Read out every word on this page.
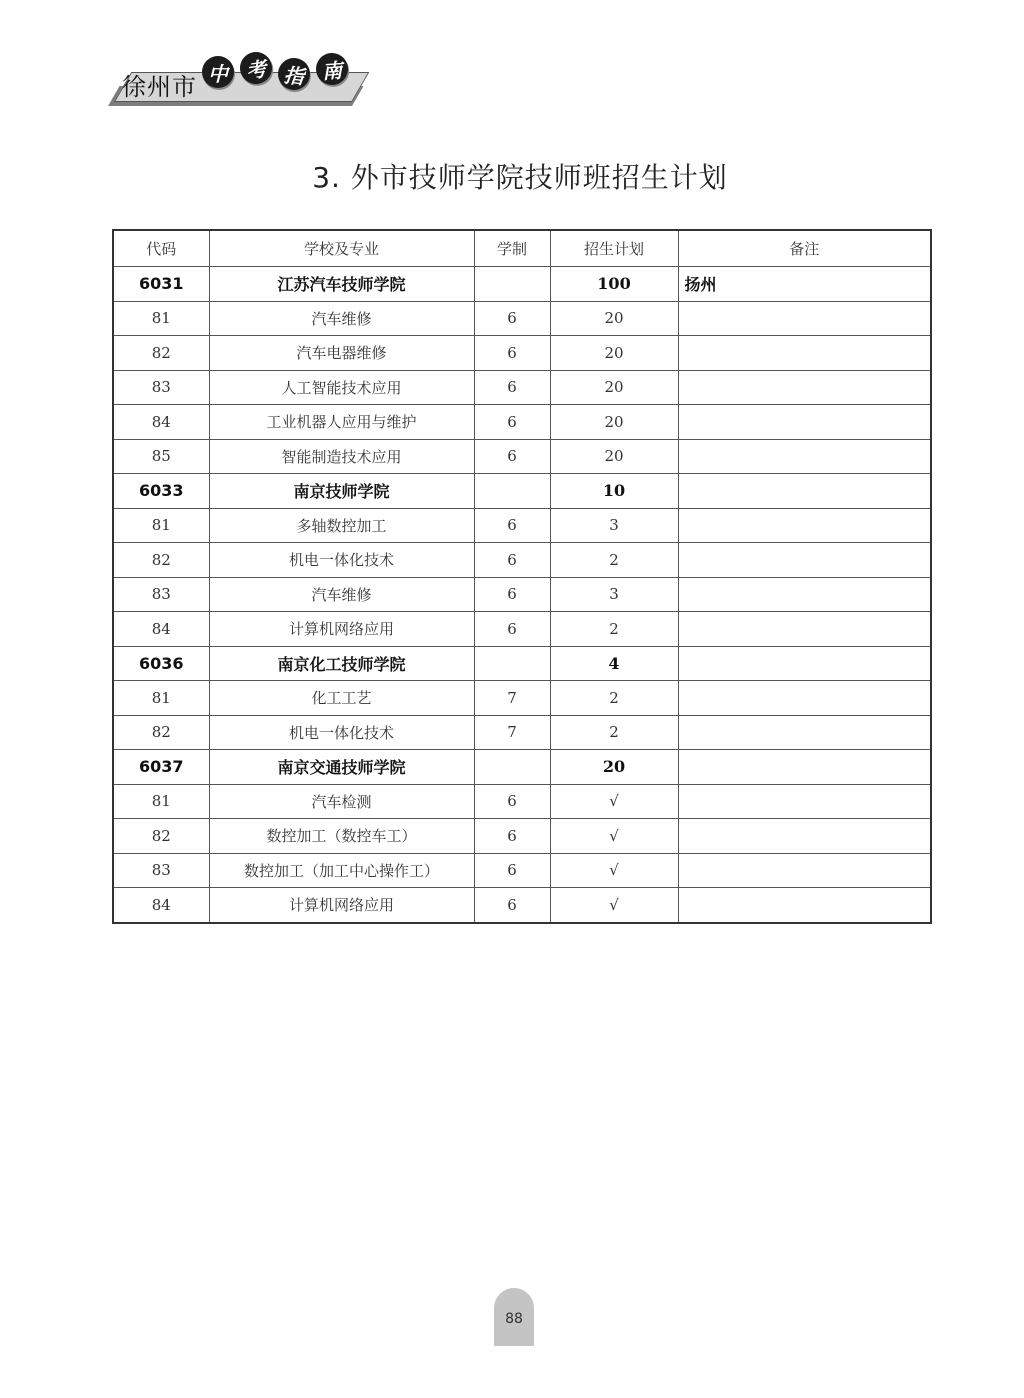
徐州市 中 考 指 南
3. 外市技师学院技师班招生计划
代码	学校及专业	学制	招生计划	备注
6031	江苏汽车技师学院		100	扬州
81	汽车维修	6	20	
82	汽车电器维修	6	20	
83	人工智能技术应用	6	20	
84	工业机器人应用与维护	6	20	
85	智能制造技术应用	6	20	
6033	南京技师学院		10	
81	多轴数控加工	6	3	
82	机电一体化技术	6	2	
83	汽车维修	6	3	
84	计算机网络应用	6	2	
6036	南京化工技师学院		4	
81	化工工艺	7	2	
82	机电一体化技术	7	2	
6037	南京交通技师学院		20	
81	汽车检测	6	√	
82	数控加工（数控车工）	6	√	
83	数控加工（加工中心操作工）	6	√	
84	计算机网络应用	6	√	
88
